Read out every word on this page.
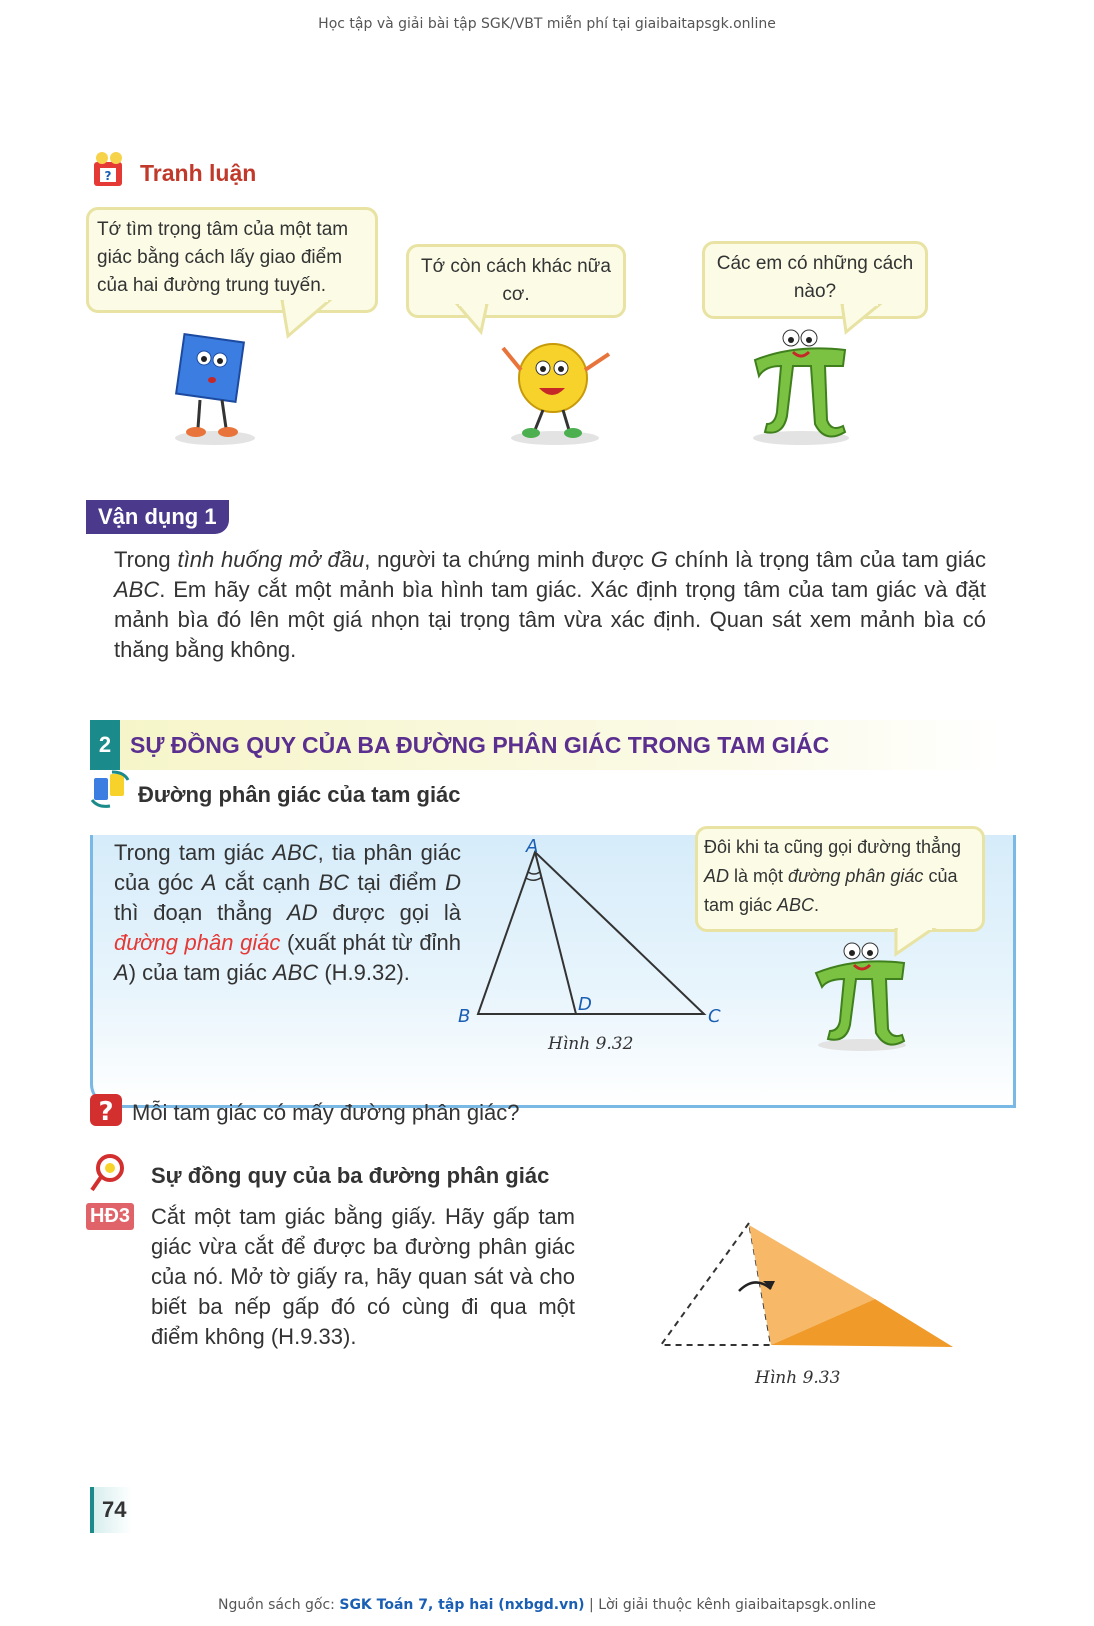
Học tập và giải bài tập SGK/VBT miễn phí tại giaibaitapsgk.online
? Tranh luận
Tớ tìm trọng tâm của một tam giác bằng cách lấy giao điểm của hai đường trung tuyến.
Tớ còn cách khác nữa cơ.
Các em có những cách nào?
Vận dụng 1
Trong tình huống mở đầu, người ta chứng minh được G chính là trọng tâm của tam giác ABC. Em hãy cắt một mảnh bìa hình tam giác. Xác định trọng tâm của tam giác và đặt mảnh bìa đó lên một giá nhọn tại trọng tâm vừa xác định. Quan sát xem mảnh bìa có thăng bằng không.
2 SỰ ĐỒNG QUY CỦA BA ĐƯỜNG PHÂN GIÁC TRONG TAM GIÁC
Đường phân giác của tam giác
Trong tam giác ABC, tia phân giác của góc A cắt cạnh BC tại điểm D thì đoạn thẳng AD được gọi là đường phân giác (xuất phát từ đỉnh A) của tam giác ABC (H.9.32).
A
B	C
D
Hình 9.32
Đôi khi ta cũng gọi đường thẳng AD là một đường phân giác của tam giác ABC.
? Mỗi tam giác có mấy đường phân giác?
Sự đồng quy của ba đường phân giác
HĐ3 Cắt một tam giác bằng giấy. Hãy gấp tam giác vừa cắt để được ba đường phân giác của nó. Mở tờ giấy ra, hãy quan sát và cho biết ba nếp gấp đó có cùng đi qua một điểm không (H.9.33).
Hình 9.33
74
Nguồn sách gốc: SGK Toán 7, tập hai (nxbgd.vn) | Lời giải thuộc kênh giaibaitapsgk.online
